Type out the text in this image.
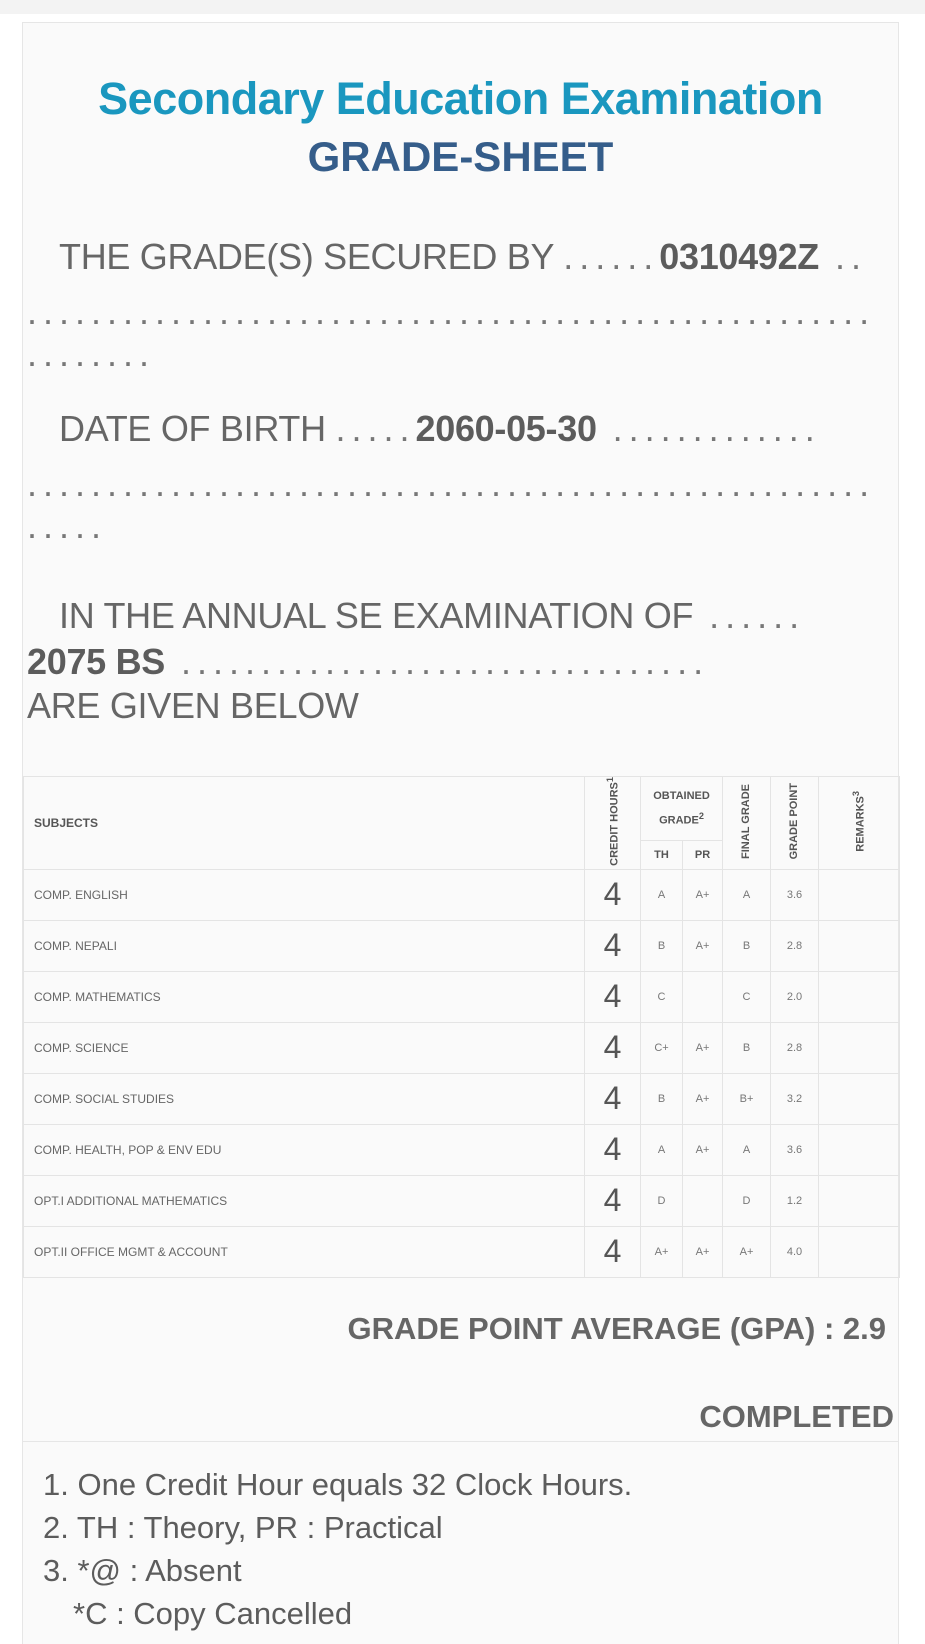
Secondary Education Examination
GRADE-SHEET
THE GRADE(S) SECURED BY ......0310492Z ..
.....................................................
........
DATE OF BIRTH .....2060-05-30 .............
.....................................................
.....
IN THE ANNUAL SE EXAMINATION OF ......
2075 BS .................................
ARE GIVEN BELOW
SUBJECTS	CREDIT HOURS$^1$	OBTAINED GRADE$^2$		FINAL GRADE	GRADE POINT	REMARKS$^3$
		TH	PR			
COMP. ENGLISH	4	A	A+	A	3.6	
COMP. NEPALI	4	B	A+	B	2.8	
COMP. MATHEMATICS	4	C		C	2.0	
COMP. SCIENCE	4	C+	A+	B	2.8	
COMP. SOCIAL STUDIES	4	B	A+	B+	3.2	
COMP. HEALTH, POP & ENV EDU	4	A	A+	A	3.6	
OPT.I ADDITIONAL MATHEMATICS	4	D		D	1.2	
OPT.II OFFICE MGMT & ACCOUNT	4	A+	A+	A+	4.0	
GRADE POINT AVERAGE (GPA) : 2.9
COMPLETED
1. One Credit Hour equals 32 Clock Hours.
2. TH : Theory, PR : Practical
3. *@ : Absent
*C : Copy Cancelled
